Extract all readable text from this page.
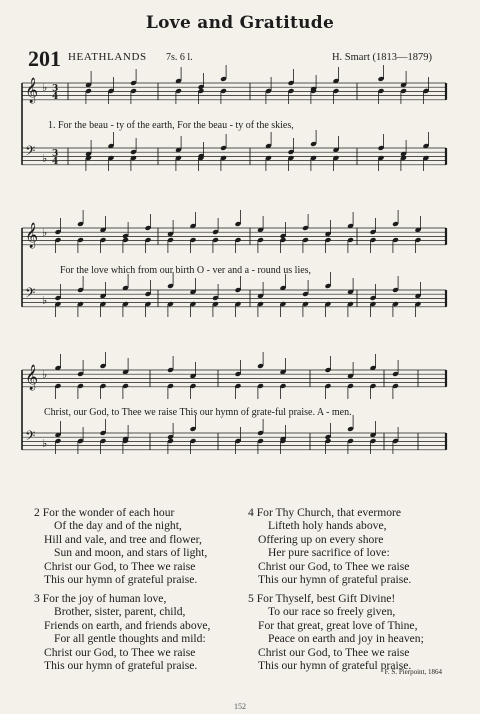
Love and Gratitude
201 HEATHLANDS 7s. 6 l.	H. Smart (1813—1879)
𝄞 ♭ 3
4
𝄢 ♭ 3
4
𝄞 ♭
𝄢 ♭
𝄞 ♭
𝄢 ♭
1. For the beau - ty of the earth, For the beau - ty of the skies,
For the love which from our birth O - ver and a - round us lies,
Christ, our God, to Thee we raise This our hymn of grate-ful praise. A - men.
2 For the wonder of each hour
Of the day and of the night,
Hill and vale, and tree and flower,
Sun and moon, and stars of light,
Christ our God, to Thee we raise
This our hymn of grateful praise.
3 For the joy of human love,
Brother, sister, parent, child,
Friends on earth, and friends above,
For all gentle thoughts and mild:
Christ our God, to Thee we raise
This our hymn of grateful praise.
4 For Thy Church, that evermore
Lifteth holy hands above,
Offering up on every shore
Her pure sacrifice of love:
Christ our God, to Thee we raise
This our hymn of grateful praise.
5 For Thyself, best Gift Divine!
To our race so freely given,
For that great, great love of Thine,
Peace on earth and joy in heaven;
Christ our God, to Thee we raise
This our hymn of grateful praise.
F. S. Pierpoint, 1864
152
